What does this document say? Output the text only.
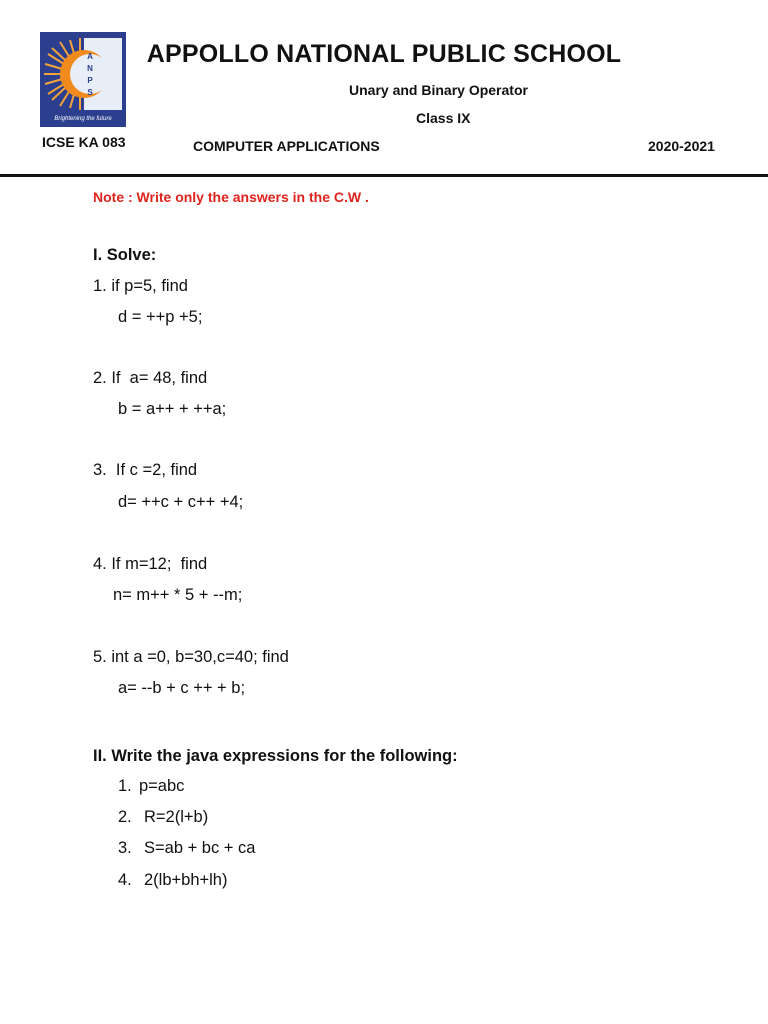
A
N
P
S
Brightening the future
APPOLLO NATIONAL PUBLIC SCHOOL
Unary and Binary Operator
Class IX
ICSE KA 083	COMPUTER APPLICATIONS	2020-2021
Note : Write only the answers in the C.W .
I. Solve:
1. if p=5, find
d = ++p +5;
2. If  a= 48, find
b = a++ + ++a;
3.  If c =2, find
d= ++c + c++ +4;
4. If m=12;  find
n= m++ * 5 + --m;
5. int a =0, b=30,c=40; find
a= --b + c ++ + b;
II. Write the java expressions for the following:
1. p=abc
2. R=2(l+b)
3. S=ab + bc + ca
4. 2(lb+bh+lh)
